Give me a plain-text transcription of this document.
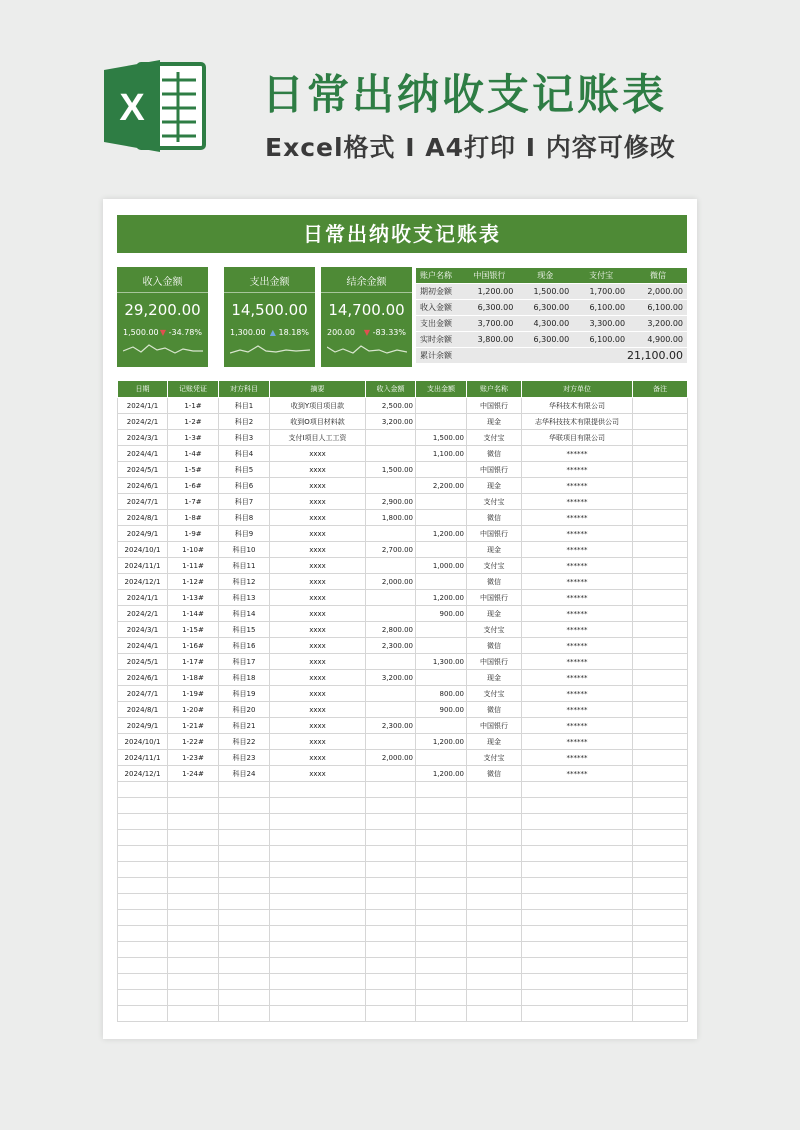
X	日常出纳收支记账表
Excel格式 I A4打印 I 内容可修改
日常出纳收支记账表
收入金额
29,200.00
1,500.00 ▼ -34.78%
支出金额
14,500.00
1,300.00 ▲ 18.18%
结余金额
14,700.00
200.00 ▼ -83.33%
账户名称	中国银行	现金	支付宝	微信
期初金额	1,200.00	1,500.00	1,700.00	2,000.00
收入金额	6,300.00	6,300.00	6,100.00	6,100.00
支出金额	3,700.00	4,300.00	3,300.00	3,200.00
实时余额	3,800.00	6,300.00	6,100.00	4,900.00
累计余额	21,100.00			
日期	记账凭证	对方科目	摘要	收入金额	支出金额	账户名称	对方单位	备注
2024/1/1	1-1#	科目1	收到Y项目项目款	2,500.00		中国银行	华科技术有限公司	
2024/2/1	1-2#	科目2	收到O项目材料款	3,200.00		现金	志华科技技术有限提供公司	
2024/3/1	1-3#	科目3	支付I项目人工工资		1,500.00	支付宝	华联项目有限公司	
2024/4/1	1-4#	科目4	xxxx		1,100.00	微信	******	
2024/5/1	1-5#	科目5	xxxx	1,500.00		中国银行	******	
2024/6/1	1-6#	科目6	xxxx		2,200.00	现金	******	
2024/7/1	1-7#	科目7	xxxx	2,900.00		支付宝	******	
2024/8/1	1-8#	科目8	xxxx	1,800.00		微信	******	
2024/9/1	1-9#	科目9	xxxx		1,200.00	中国银行	******	
2024/10/1	1-10#	科目10	xxxx	2,700.00		现金	******	
2024/11/1	1-11#	科目11	xxxx		1,000.00	支付宝	******	
2024/12/1	1-12#	科目12	xxxx	2,000.00		微信	******	
2024/1/1	1-13#	科目13	xxxx		1,200.00	中国银行	******	
2024/2/1	1-14#	科目14	xxxx		900.00	现金	******	
2024/3/1	1-15#	科目15	xxxx	2,800.00		支付宝	******	
2024/4/1	1-16#	科目16	xxxx	2,300.00		微信	******	
2024/5/1	1-17#	科目17	xxxx		1,300.00	中国银行	******	
2024/6/1	1-18#	科目18	xxxx	3,200.00		现金	******	
2024/7/1	1-19#	科目19	xxxx		800.00	支付宝	******	
2024/8/1	1-20#	科目20	xxxx		900.00	微信	******	
2024/9/1	1-21#	科目21	xxxx	2,300.00		中国银行	******	
2024/10/1	1-22#	科目22	xxxx		1,200.00	现金	******	
2024/11/1	1-23#	科目23	xxxx	2,000.00		支付宝	******	
2024/12/1	1-24#	科目24	xxxx		1,200.00	微信	******	
